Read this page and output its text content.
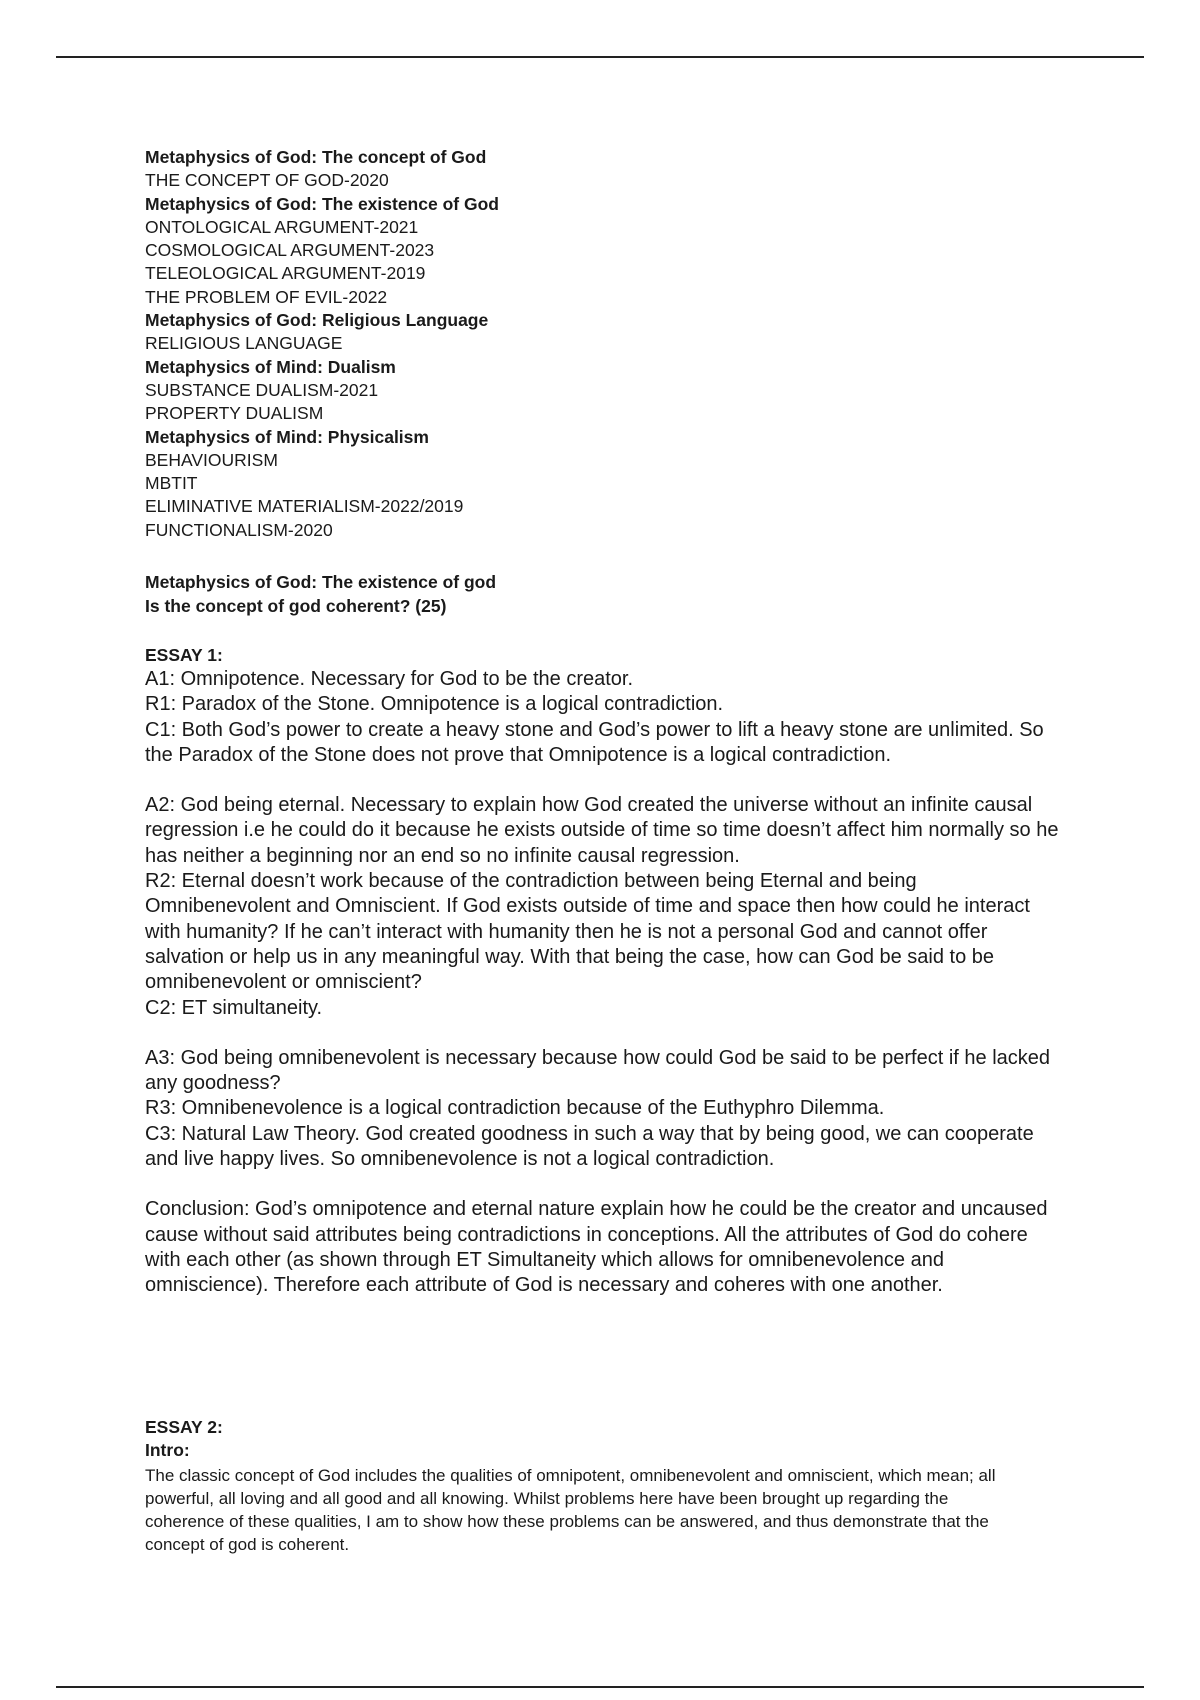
Metaphysics of God: The concept of God
THE CONCEPT OF GOD-2020
Metaphysics of God: The existence of God
ONTOLOGICAL ARGUMENT-2021
COSMOLOGICAL ARGUMENT-2023
TELEOLOGICAL ARGUMENT-2019
THE PROBLEM OF EVIL-2022
Metaphysics of God: Religious Language
RELIGIOUS LANGUAGE
Metaphysics of Mind: Dualism
SUBSTANCE DUALISM-2021
PROPERTY DUALISM
Metaphysics of Mind: Physicalism
BEHAVIOURISM
MBTIT
ELIMINATIVE MATERIALISM-2022/2019
FUNCTIONALISM-2020
Metaphysics of God: The existence of god
Is the concept of god coherent? (25)
ESSAY 1:

A1: Omnipotence. Necessary for God to be the creator.

R1: Paradox of the Stone. Omnipotence is a logical contradiction.

C1: Both God’s power to create a heavy stone and God’s power to lift a heavy stone are unlimited. So the Paradox of the Stone does not prove that Omnipotence is a logical contradiction.

A2: God being eternal. Necessary to explain how God created the universe without an infinite causal regression i.e he could do it because he exists outside of time so time doesn’t affect him normally so he has neither a beginning nor an end so no infinite causal regression.

R2: Eternal doesn’t work because of the contradiction between being Eternal and being Omnibenevolent and Omniscient. If God exists outside of time and space then how could he interact with humanity? If he can’t interact with humanity then he is not a personal God and cannot offer salvation or help us in any meaningful way. With that being the case, how can God be said to be omnibenevolent or omniscient?

C2: ET simultaneity.

A3: God being omnibenevolent is necessary because how could God be said to be perfect if he lacked any goodness?

R3: Omnibenevolence is a logical contradiction because of the Euthyphro Dilemma.

C3: Natural Law Theory. God created goodness in such a way that by being good, we can cooperate and live happy lives. So omnibenevolence is not a logical contradiction.

Conclusion: God’s omnipotence and eternal nature explain how he could be the creator and uncaused cause without said attributes being contradictions in conceptions. All the attributes of God do cohere with each other (as shown through ET Simultaneity which allows for omnibenevolence and omniscience). Therefore each attribute of God is necessary and coheres with one another.

ESSAY 2:
Intro:

The classic concept of God includes the qualities of omnipotent, omnibenevolent and omniscient, which mean; all powerful, all loving and all good and all knowing. Whilst problems here have been brought up regarding the coherence of these qualities, I am to show how these problems can be answered, and thus demonstrate that the concept of god is coherent.
